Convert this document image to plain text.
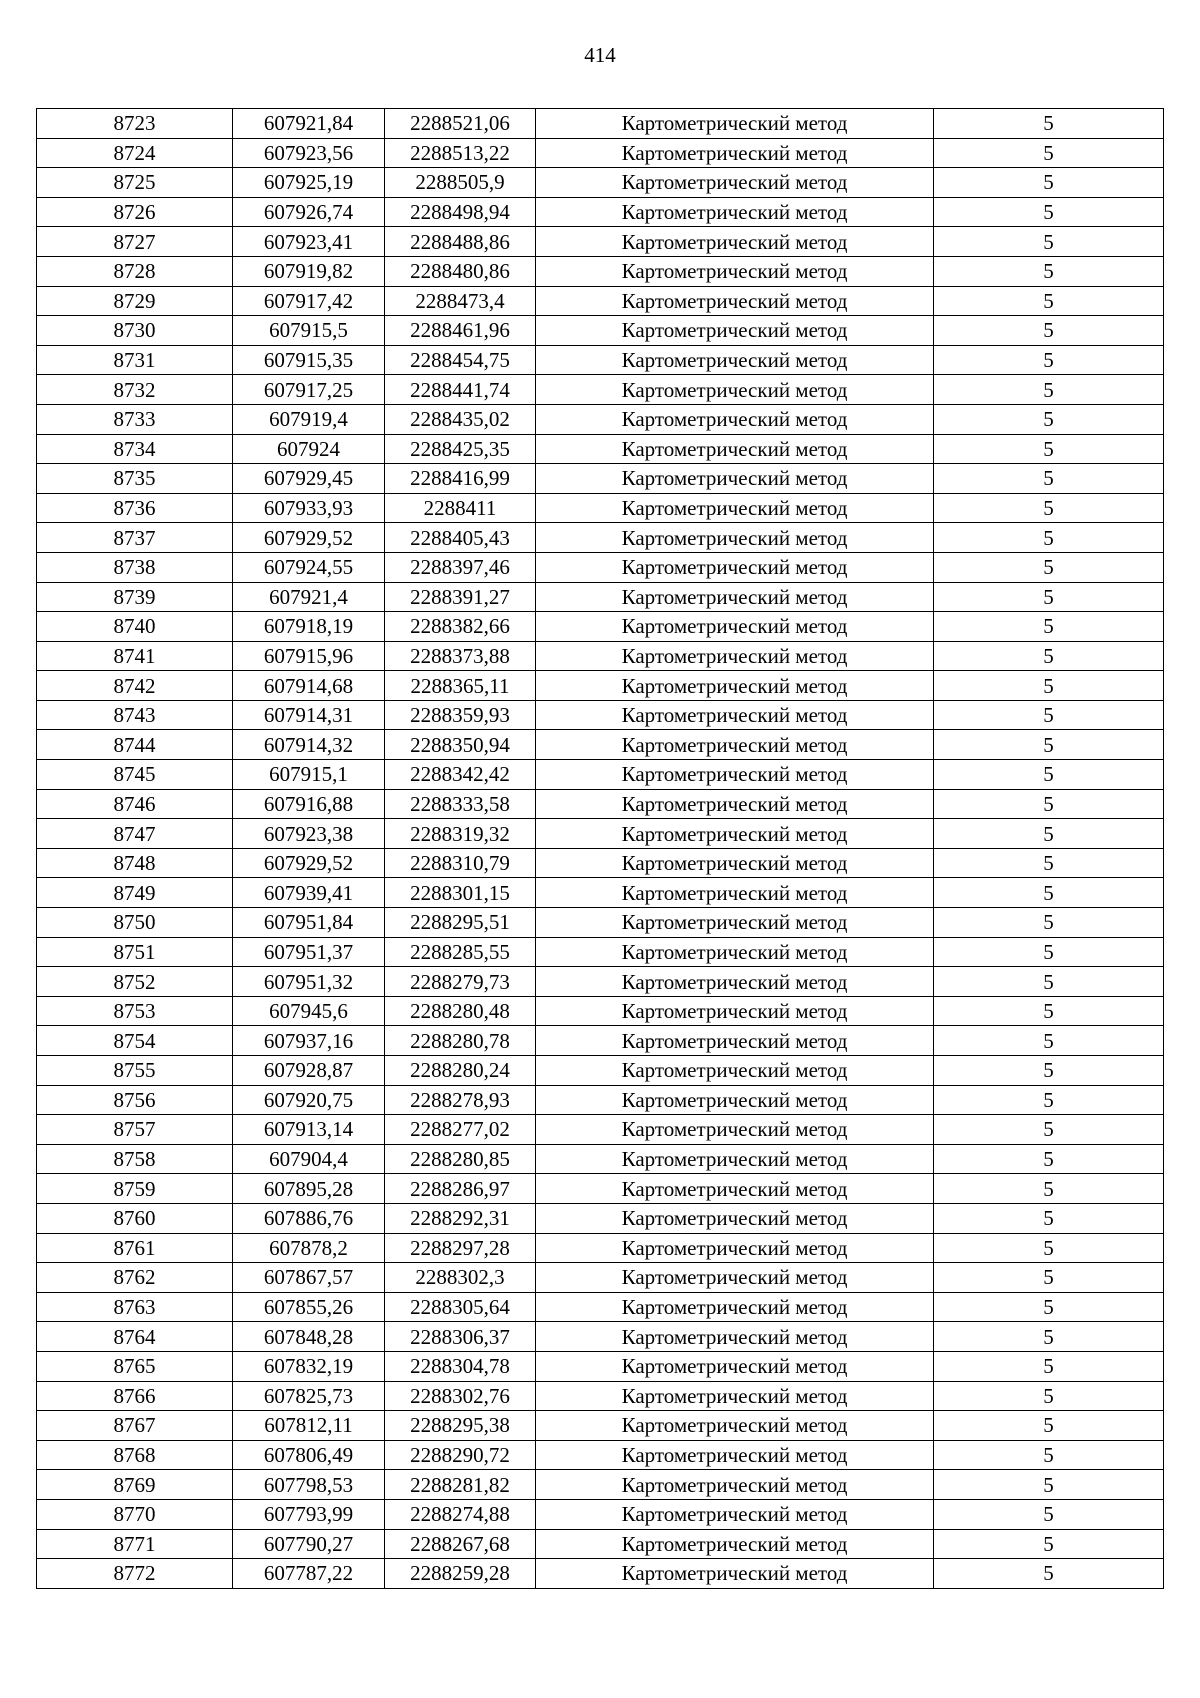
414
8723	607921,84	2288521,06	Картометрический метод	5
8724	607923,56	2288513,22	Картометрический метод	5
8725	607925,19	2288505,9	Картометрический метод	5
8726	607926,74	2288498,94	Картометрический метод	5
8727	607923,41	2288488,86	Картометрический метод	5
8728	607919,82	2288480,86	Картометрический метод	5
8729	607917,42	2288473,4	Картометрический метод	5
8730	607915,5	2288461,96	Картометрический метод	5
8731	607915,35	2288454,75	Картометрический метод	5
8732	607917,25	2288441,74	Картометрический метод	5
8733	607919,4	2288435,02	Картометрический метод	5
8734	607924	2288425,35	Картометрический метод	5
8735	607929,45	2288416,99	Картометрический метод	5
8736	607933,93	2288411	Картометрический метод	5
8737	607929,52	2288405,43	Картометрический метод	5
8738	607924,55	2288397,46	Картометрический метод	5
8739	607921,4	2288391,27	Картометрический метод	5
8740	607918,19	2288382,66	Картометрический метод	5
8741	607915,96	2288373,88	Картометрический метод	5
8742	607914,68	2288365,11	Картометрический метод	5
8743	607914,31	2288359,93	Картометрический метод	5
8744	607914,32	2288350,94	Картометрический метод	5
8745	607915,1	2288342,42	Картометрический метод	5
8746	607916,88	2288333,58	Картометрический метод	5
8747	607923,38	2288319,32	Картометрический метод	5
8748	607929,52	2288310,79	Картометрический метод	5
8749	607939,41	2288301,15	Картометрический метод	5
8750	607951,84	2288295,51	Картометрический метод	5
8751	607951,37	2288285,55	Картометрический метод	5
8752	607951,32	2288279,73	Картометрический метод	5
8753	607945,6	2288280,48	Картометрический метод	5
8754	607937,16	2288280,78	Картометрический метод	5
8755	607928,87	2288280,24	Картометрический метод	5
8756	607920,75	2288278,93	Картометрический метод	5
8757	607913,14	2288277,02	Картометрический метод	5
8758	607904,4	2288280,85	Картометрический метод	5
8759	607895,28	2288286,97	Картометрический метод	5
8760	607886,76	2288292,31	Картометрический метод	5
8761	607878,2	2288297,28	Картометрический метод	5
8762	607867,57	2288302,3	Картометрический метод	5
8763	607855,26	2288305,64	Картометрический метод	5
8764	607848,28	2288306,37	Картометрический метод	5
8765	607832,19	2288304,78	Картометрический метод	5
8766	607825,73	2288302,76	Картометрический метод	5
8767	607812,11	2288295,38	Картометрический метод	5
8768	607806,49	2288290,72	Картометрический метод	5
8769	607798,53	2288281,82	Картометрический метод	5
8770	607793,99	2288274,88	Картометрический метод	5
8771	607790,27	2288267,68	Картометрический метод	5
8772	607787,22	2288259,28	Картометрический метод	5
